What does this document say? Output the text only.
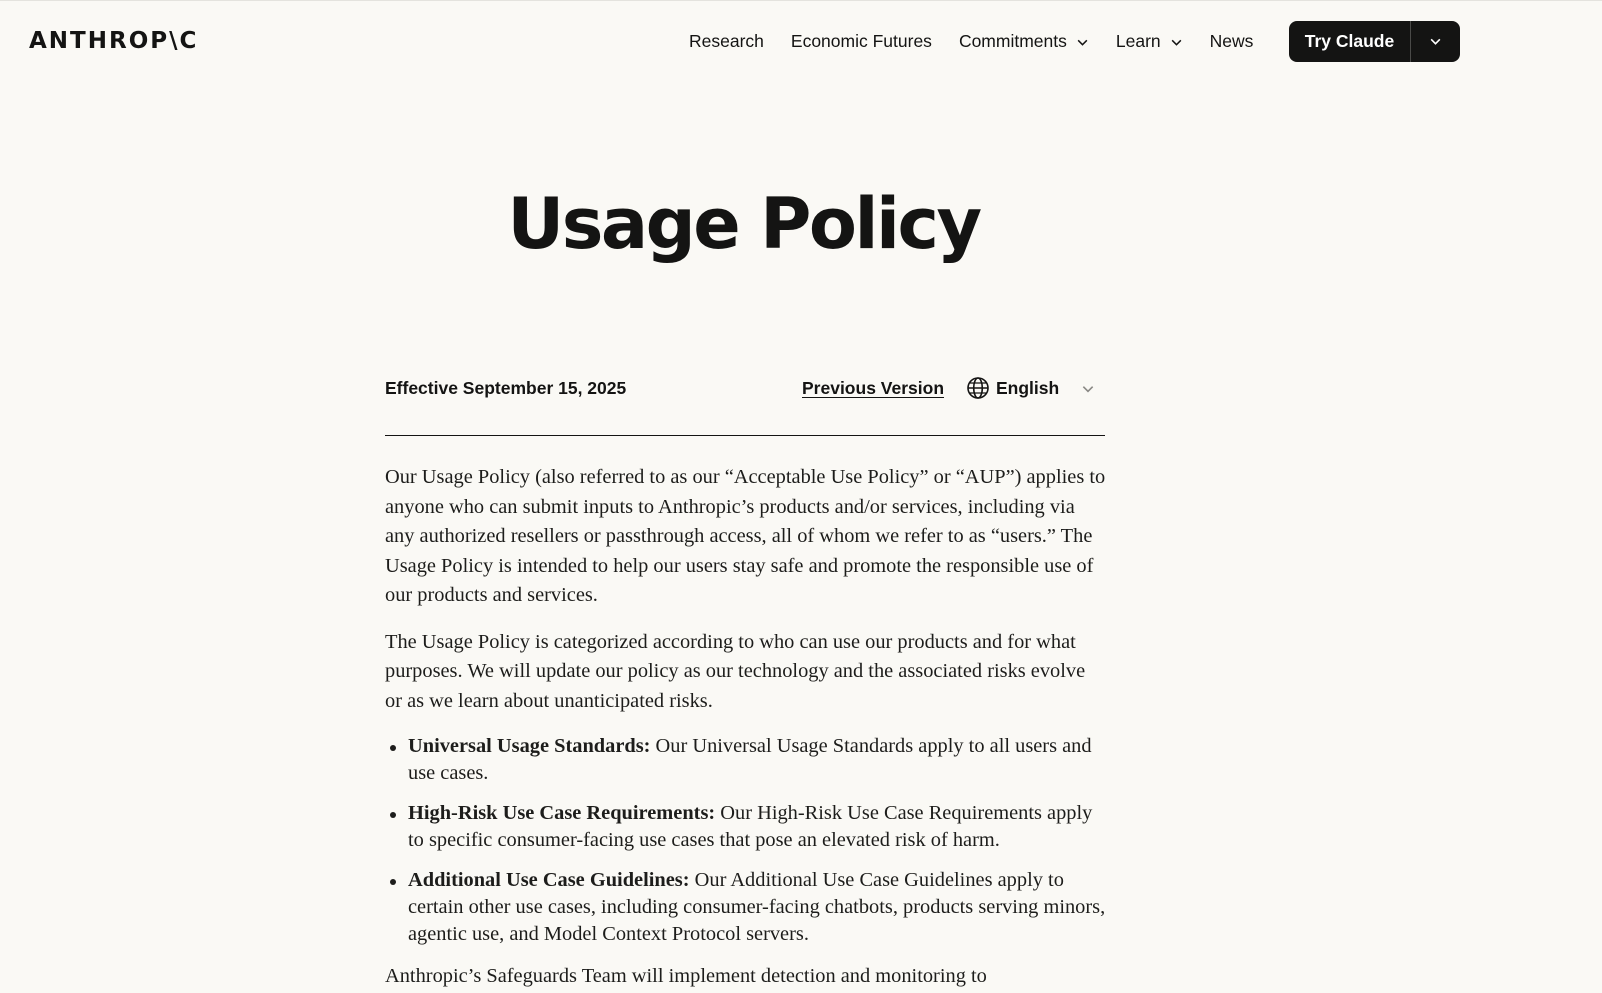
ANTHROP\C	Research Economic Futures Commitments	Learn	News	Try Claude
Usage Policy
Effective September 15, 2025	Previous Version	English

Our Usage Policy (also referred to as our “Acceptable Use Policy” or “AUP”) applies to anyone who can submit inputs to Anthropic’s products and/or services, including via any authorized resellers or passthrough access, all of whom we refer to as “users.” The Usage Policy is intended to help our users stay safe and promote the responsible use of our products and services.

The Usage Policy is categorized according to who can use our products and for what purposes. We will update our policy as our technology and the associated risks evolve or as we learn about unanticipated risks.

Universal Usage Standards: Our Universal Usage Standards apply to all users and use cases.
High-Risk Use Case Requirements: Our High-Risk Use Case Requirements apply to specific consumer-facing use cases that pose an elevated risk of harm.
Additional Use Case Guidelines: Our Additional Use Case Guidelines apply to certain other use cases, including consumer-facing chatbots, products serving minors, agentic use, and Model Context Protocol servers.

Anthropic’s Safeguards Team will implement detection and monitoring to
